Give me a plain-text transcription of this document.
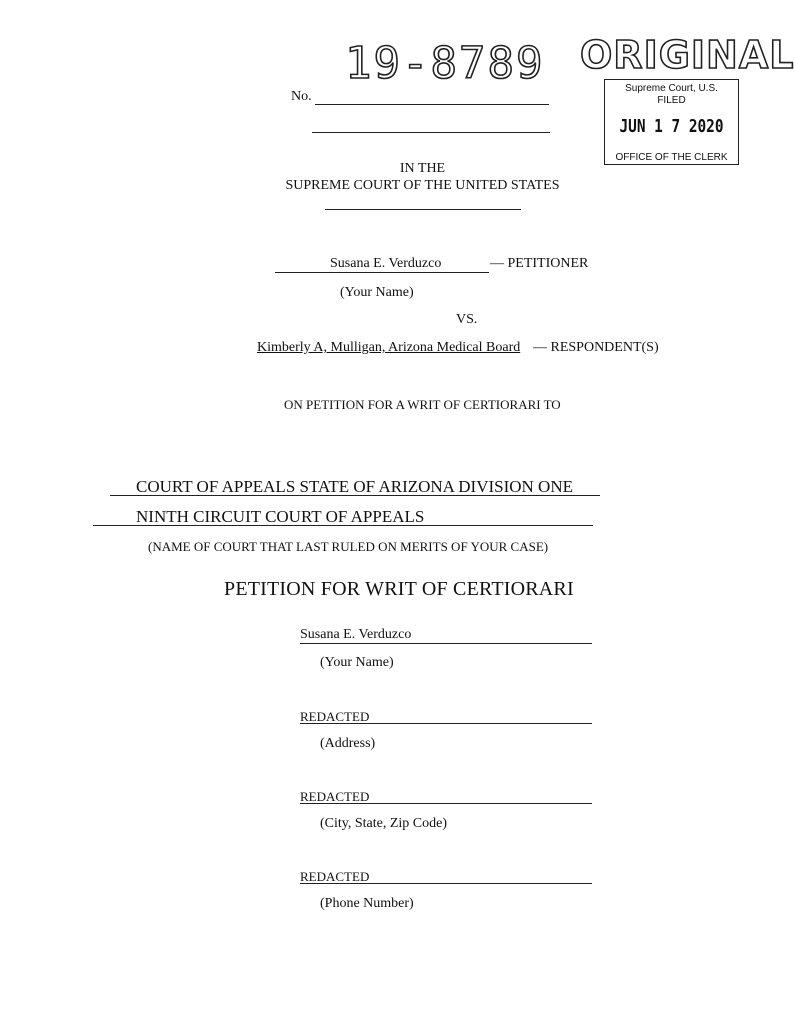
No.
19-8789 ORIGINAL
Supreme Court, U.S.
FILED
JUN 1 7 2020
OFFICE OF THE CLERK
IN THE
SUPREME COURT OF THE UNITED STATES
Susana E. Verduzco	— PETITIONER
(Your Name)
VS.
Kimberly A, Mulligan, Arizona Medical Board — RESPONDENT(S)
ON PETITION FOR A WRIT OF CERTIORARI TO
COURT OF APPEALS STATE OF ARIZONA DIVISION ONE
NINTH CIRCUIT COURT OF APPEALS
(NAME OF COURT THAT LAST RULED ON MERITS OF YOUR CASE)
PETITION FOR WRIT OF CERTIORARI
Susana E. Verduzco
(Your Name)
REDACTED
(Address)
REDACTED
(City, State, Zip Code)
REDACTED
(Phone Number)
